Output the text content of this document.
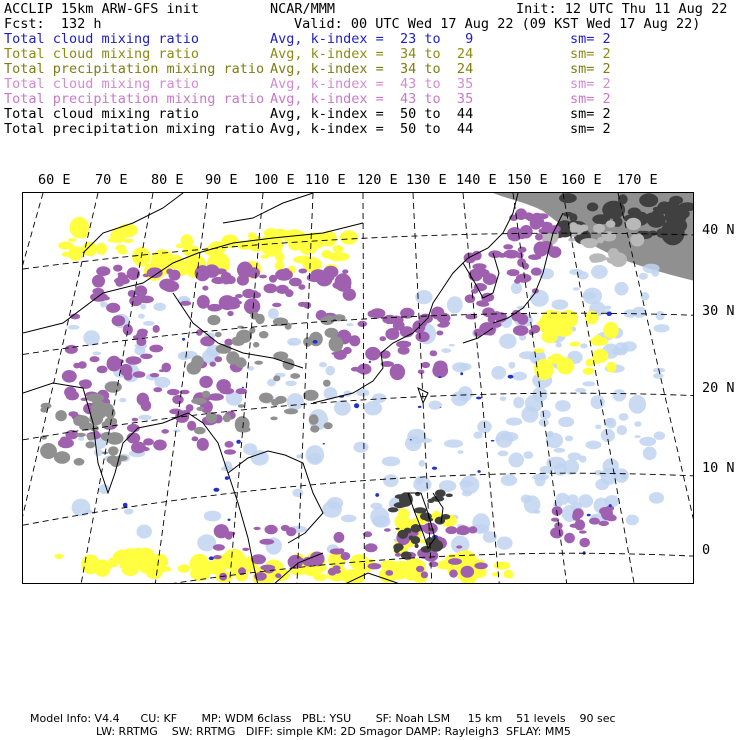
ACCLIP 15km ARW-GFS init	NCAR/MMM	Init: 12 UTC Thu 11 Aug 22
Fcst:  132 h	Valid: 00 UTC Wed 17 Aug 22 (09 KST Wed 17 Aug 22)
Total cloud mixing ratio	Avg, k-index =  23 to   9	sm= 2
Total cloud mixing ratio	Avg, k-index =  34 to  24	sm= 2
Total precipitation mixing ratio Avg, k-index =  34 to  24	sm= 2
Total cloud mixing ratio	Avg, k-index =  43 to  35	sm= 2
Total precipitation mixing ratio Avg, k-index =  43 to  35	sm= 2
Total cloud mixing ratio	Avg, k-index =  50 to  44	sm= 2
Total precipitation mixing ratio Avg, k-index =  50 to  44	sm= 2
60 E 70 E 80 E 90 E 100 E 110 E 120 E 130 E 140 E 150 E 160 E 170 E
40 N
30 N
20 N
10 N
0
Model Info: V4.4      CU: KF       MP: WDM 6class   PBL: YSU       SF: Noah LSM     15 km    51 levels    90 sec
LW: RRTMG    SW: RRTMG   DIFF: simple KM: 2D Smagor DAMP: Rayleigh3  SFLAY: MM5
